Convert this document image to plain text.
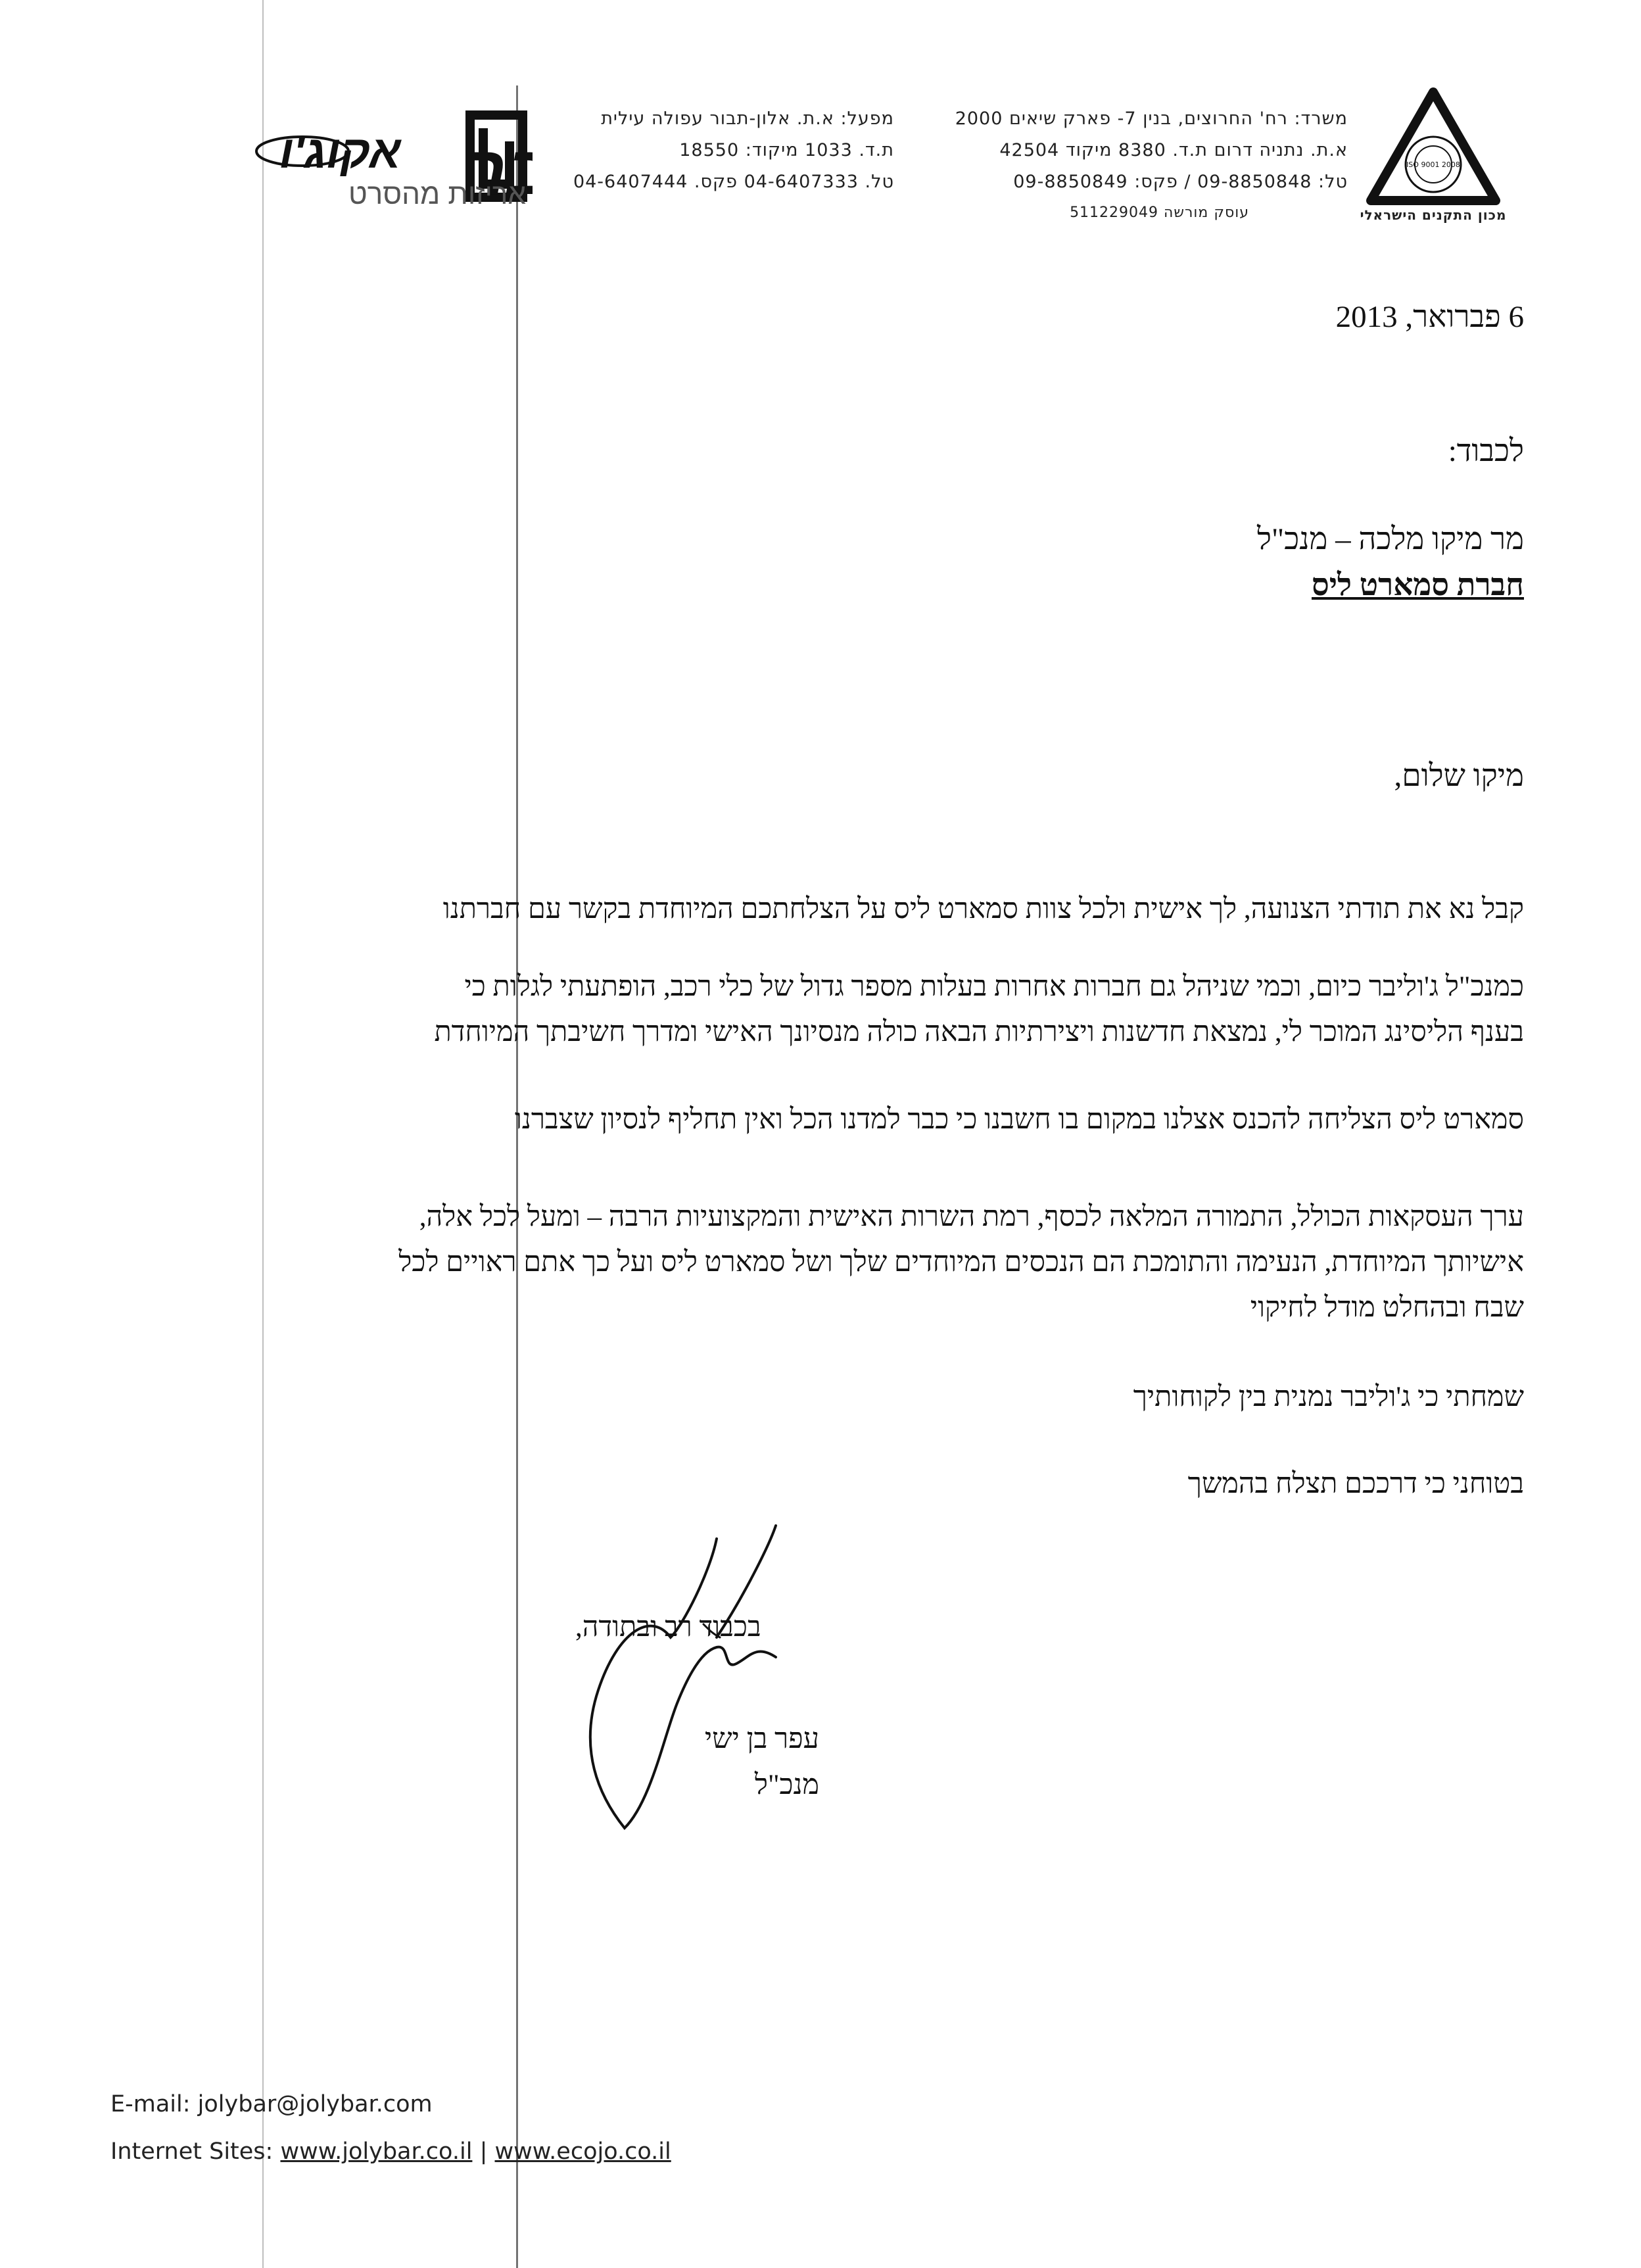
ISO 9001 2008
מכון התקנים הישראלי
משרד: רח' החרוצים, בנין 7- פארק שיאים 2000
א.ת. נתניה דרום ת.ד. 8380 מיקוד 42504
טל: 09-8850848 / פקס: 09-8850849
עוסק מורשה 511229049
מפעל: א.ת. אלון-תבור עפולה עילית
ת.ד. 1033 מיקוד: 18550
טל. 04-6407333 פקס. 04-6407444
ר
אקוג'ו
אריזות מהסרט
6 פברואר, 2013
לכבוד:
מר מיקו מלכה – מנכ"ל
חברת סמארט ליס
מיקו שלום,
קבל נא את תודתי הצנועה, לך אישית ולכל צוות סמארט ליס על הצלחתכם המיוחדת בקשר עם חברתנו
כמנכ"ל ג'וליבר כיום, וכמי שניהל גם חברות אחרות בעלות מספר גדול של כלי רכב, הופתעתי לגלות כי
בענף הליסינג המוכר לי, נמצאת חדשנות ויצירתיות הבאה כולה מנסיונך האישי ומדרך חשיבתך המיוחדת
סמארט ליס הצליחה להכנס אצלנו במקום בו חשבנו כי כבר למדנו הכל ואין תחליף לנסיון שצברנו
ערך העסקאות הכולל, התמורה המלאה לכסף, רמת השרות האישית והמקצועיות הרבה – ומעל לכל אלה,
אישיותך המיוחדת, הנעימה והתומכת הם הנכסים המיוחדים שלך ושל סמארט ליס ועל כך אתם ראויים לכל
שבח ובהחלט מודל לחיקוי
שמחתי כי ג'וליבר נמנית בין לקוחותיך
בטוחני כי דרככם תצלח בהמשך
בכבוד רב ובתודה,
עפר בן ישי
מנכ"ל
E-mail: jolybar@jolybar.com
Internet Sites: www.jolybar.co.il | www.ecojo.co.il
